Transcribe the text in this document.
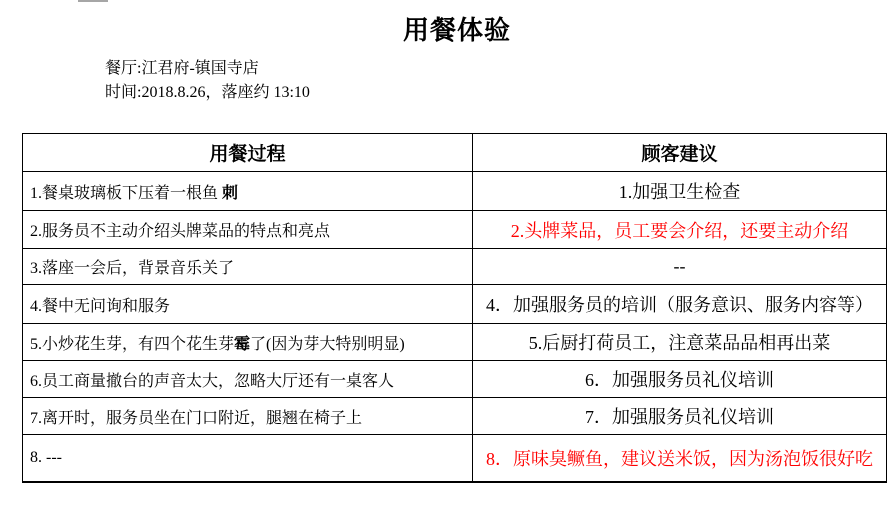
用餐体验
餐厅:江君府-镇国寺店
时间:2018.8.26，落座约 13:10
用餐过程	顾客建议
1.餐桌玻璃板下压着一根鱼 刺	1.加强卫生检查
2.服务员不主动介绍头牌菜品的特点和亮点	2.头牌菜品，员工要会介绍，还要主动介绍
3.落座一会后，背景音乐关了	--
4.餐中无问询和服务	4．加强服务员的培训（服务意识、服务内容等）
5.小炒花生芽，有四个花生芽霉了(因为芽大特别明显)	5.后厨打荷员工，注意菜品品相再出菜
6.员工商量撤台的声音太大，忽略大厅还有一桌客人	6．加强服务员礼仪培训
7.离开时，服务员坐在门口附近，腿翘在椅子上	7．加强服务员礼仪培训
8. ---	8．原味臭鳜鱼，建议送米饭，因为汤泡饭很好吃
